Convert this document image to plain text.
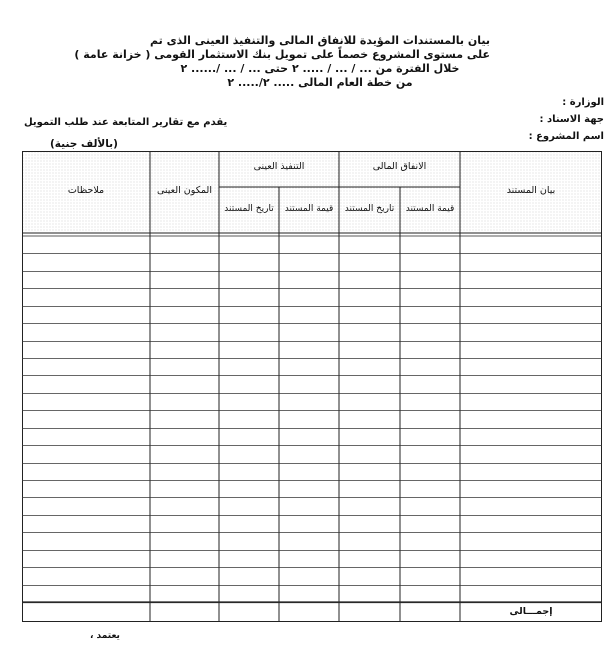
بيان بالمستندات المؤيدة للانفاق المالى والتنفيذ العينى الذى تم
على مستوى المشروع خصماً على تمويل بنك الاستثمار القومى ( خزانة عامة )
خلال الفترة من ... / ... / ..... ٢ حتى ... / ... /...... ٢
من خطة العام المالى ..... ٢/..... ٢
الوزارة :
جهة الاسناد :
اسم المشروع :
يقدم مع تقارير المتابعة عند طلب التمويل
(بالألف جنية)
بيان المستند
الانفاق المالى
التنفيذ العينى
قيمة المستند
تاريخ المستند
قيمة المستند
تاريخ المستند
المكون العينى
ملاحظات
إجمـــالى
يعتمد ،
